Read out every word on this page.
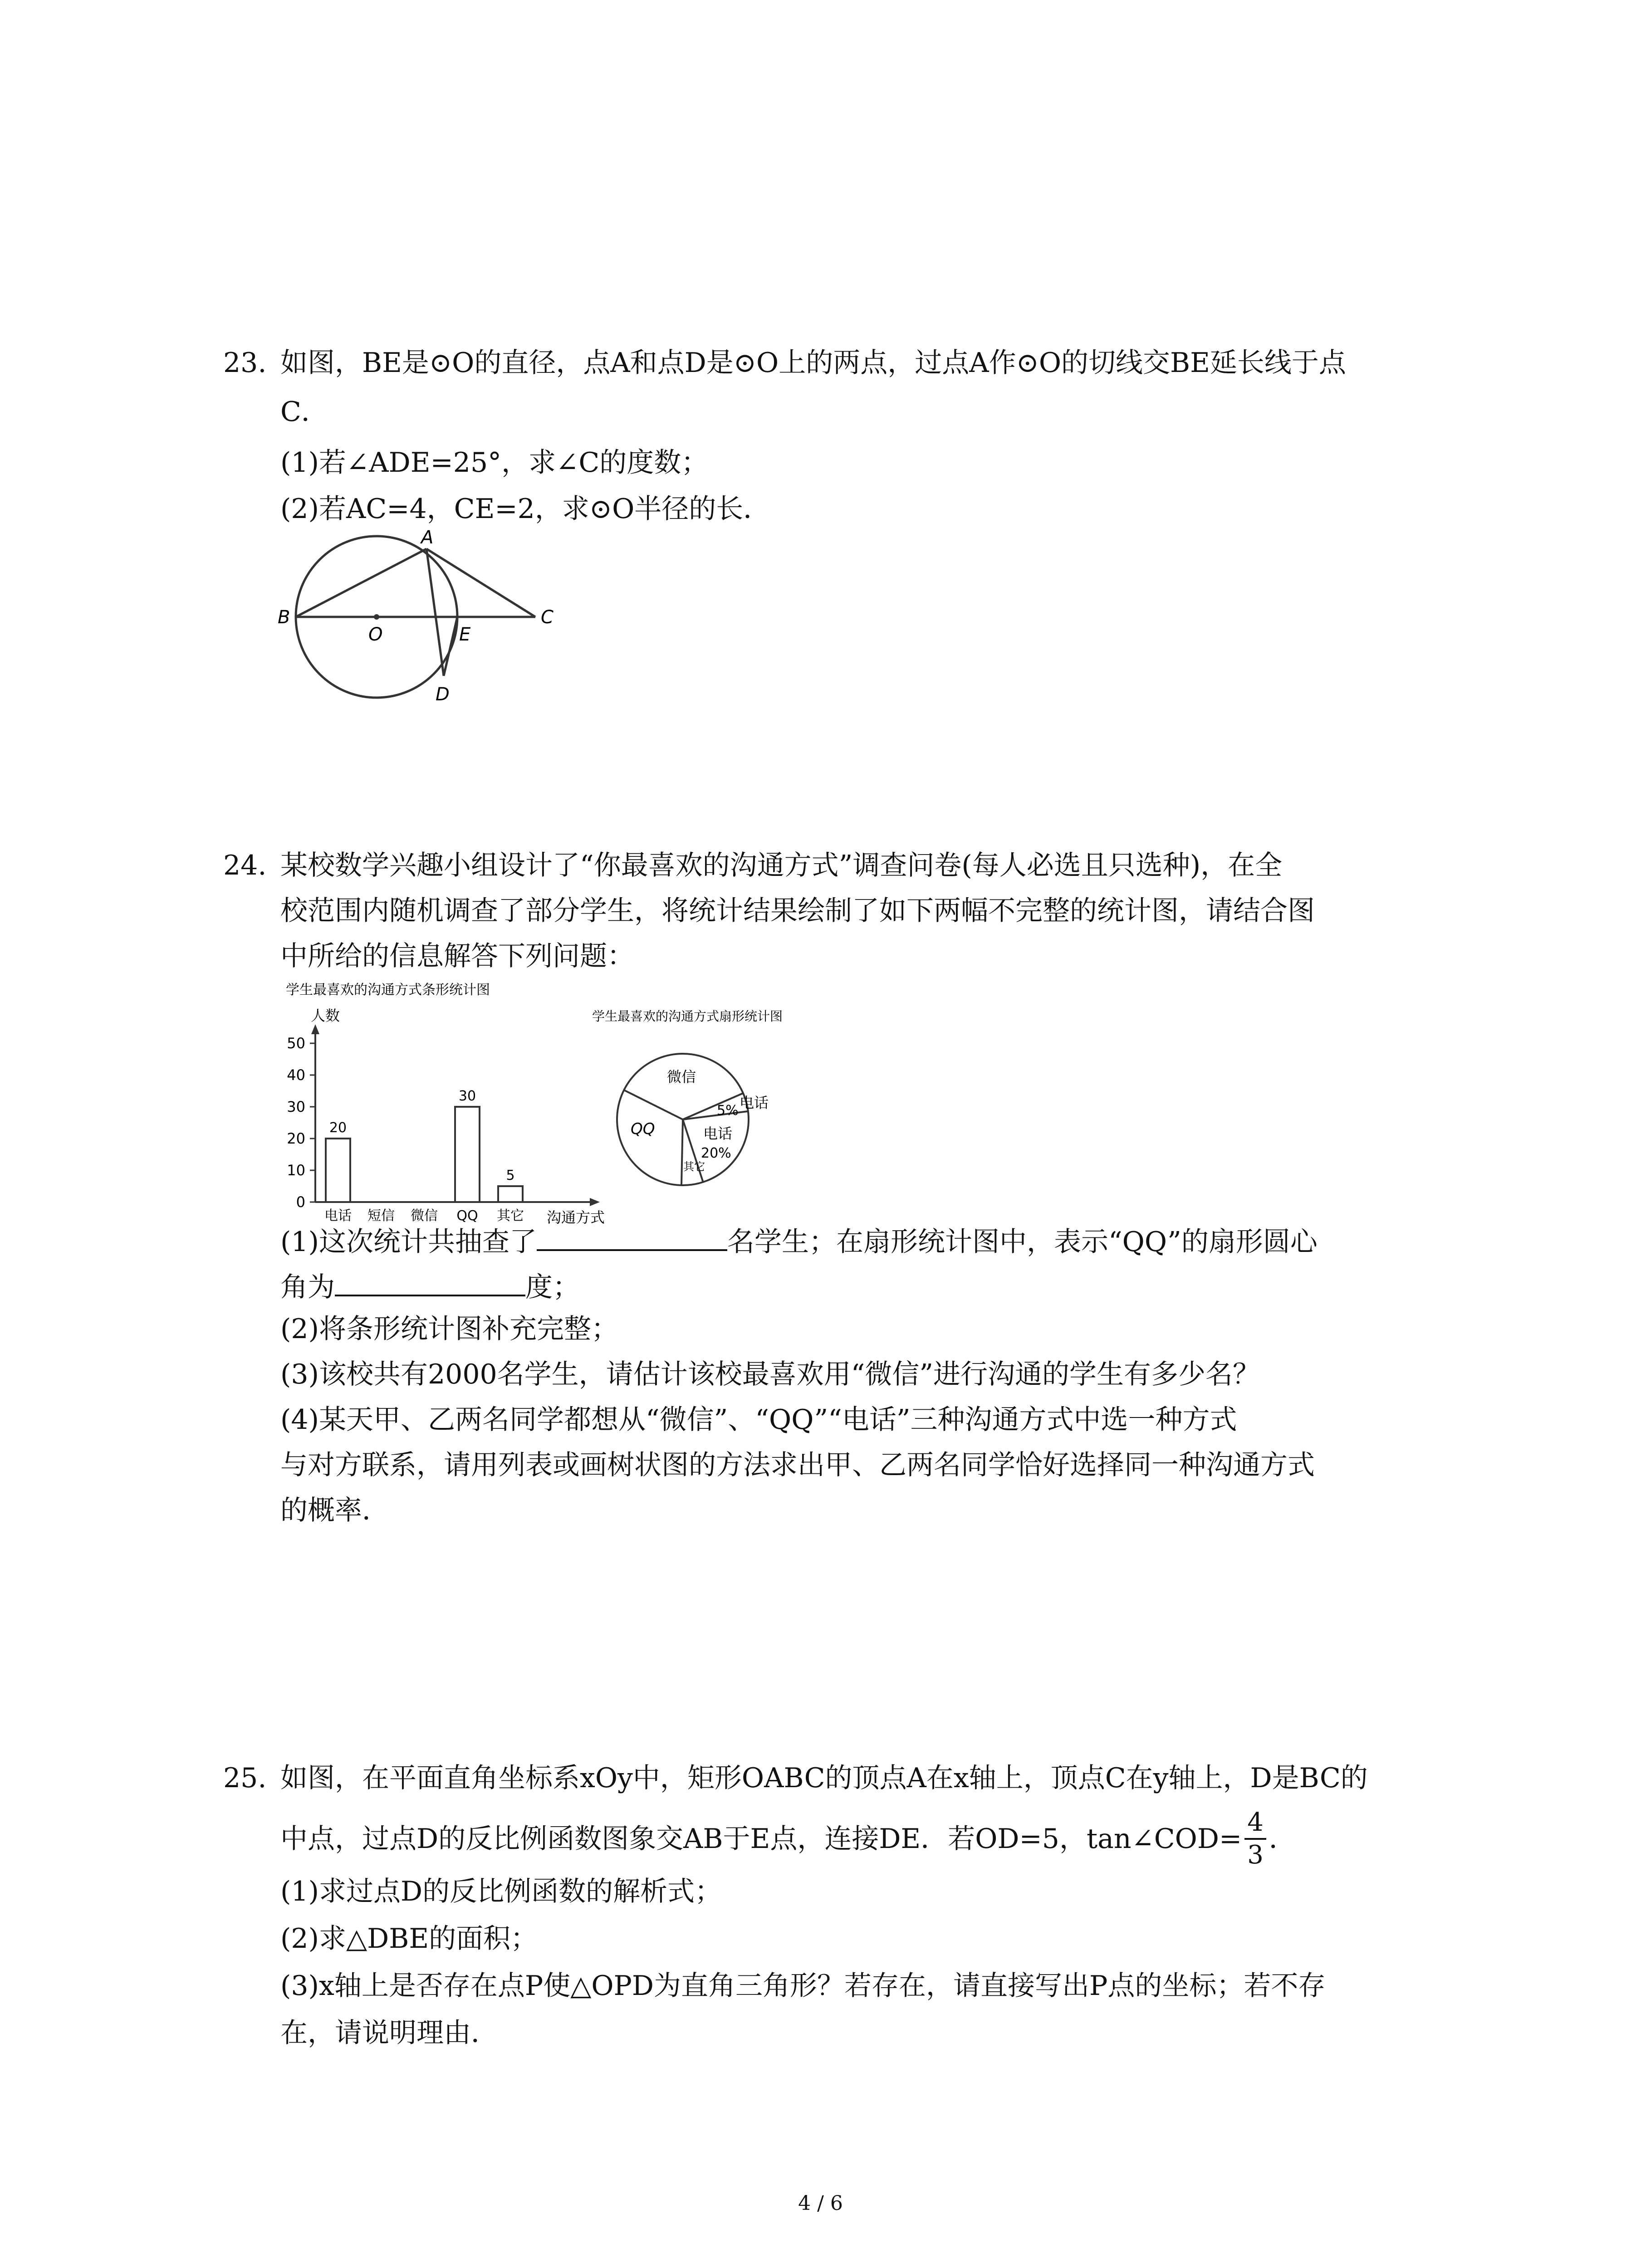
23. 如图，BE是⊙O的直径，点A和点D是⊙O上的两点，过点A作⊙O的切线交BE延长线于点
C．
(1)若∠ADE=25°，求∠C的度数；
(2)若AC=4，CE=2，求⊙O半径的长．
A
B
O	E
C
D
24. 某校数学兴趣小组设计了“你最喜欢的沟通方式”调查问卷(每人必选且只选种)，在全
校范围内随机调查了部分学生，将统计结果绘制了如下两幅不完整的统计图，请结合图
中所给的信息解答下列问题：
学生最喜欢的沟通方式条形统计图
人数
0
10
20
30
40
50
电话
20
短信 微信 QQ
30
其它
5
沟通方式
学生最喜欢的沟通方式扇形统计图
微信
5% 电话
电话
20%
其它
QQ
(1)这次统计共抽查了	名学生；在扇形统计图中，表示“QQ”的扇形圆心
角为	度；
(2)将条形统计图补充完整；
(3)该校共有2000名学生，请估计该校最喜欢用“微信”进行沟通的学生有多少名？
(4)某天甲、乙两名同学都想从“微信”、“QQ”“电话”三种沟通方式中选一种方式
与对方联系，请用列表或画树状图的方法求出甲、乙两名同学恰好选择同一种沟通方式
的概率．
25. 如图，在平面直角坐标系xOy中，矩形OABC的顶点A在x轴上，顶点C在y轴上，D是BC的
中点，过点D的反比例函数图象交AB于E点，连接DE．若OD=5，tan∠COD= $\frac{4}{3}$ ．
(1)求过点D的反比例函数的解析式；
(2)求△DBE的面积；
(3)x轴上是否存在点P使△OPD为直角三角形？若存在，请直接写出P点的坐标；若不存
在，请说明理由．
4 / 6
